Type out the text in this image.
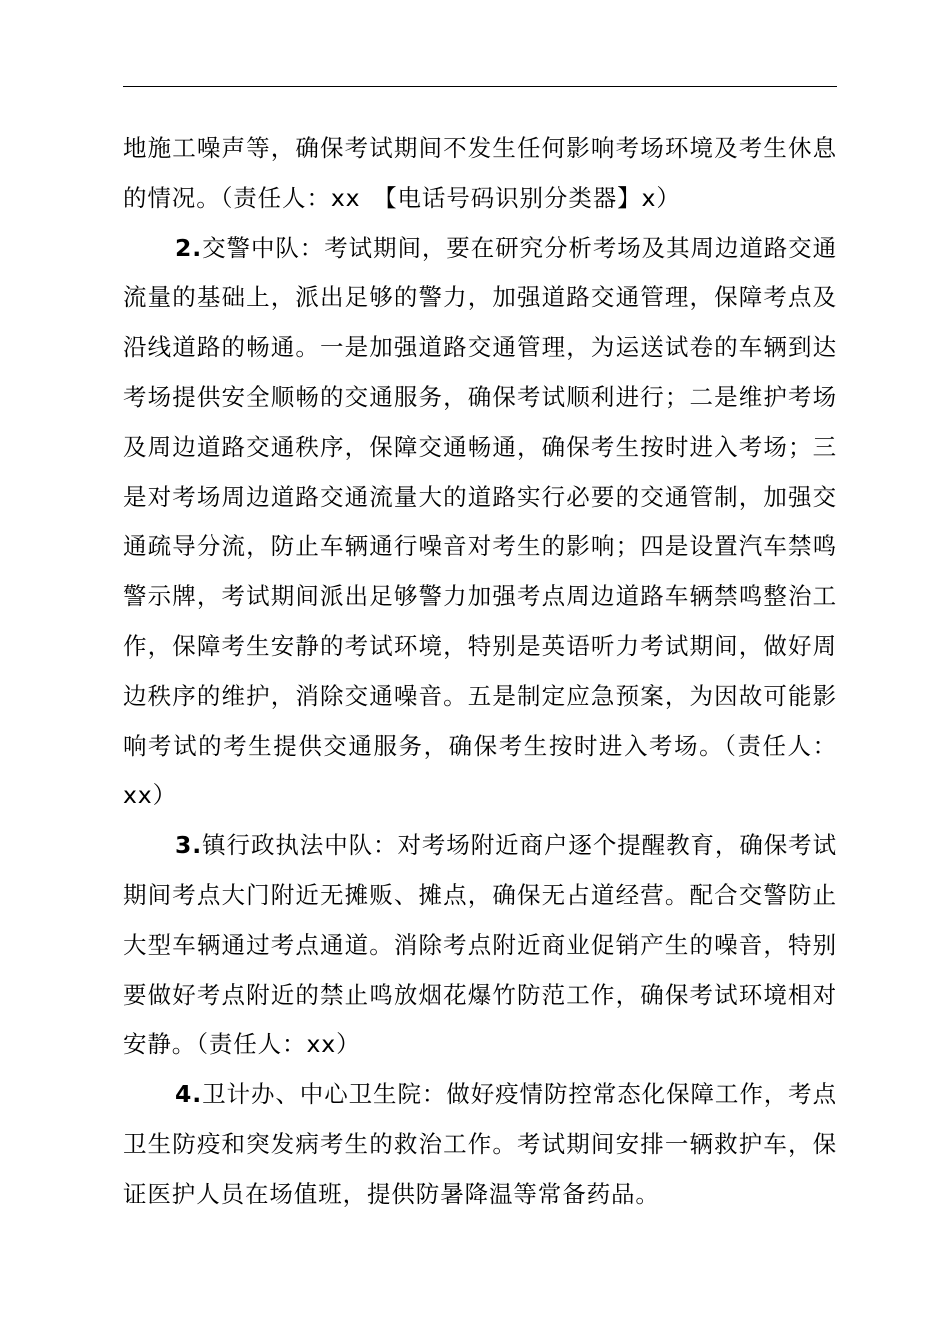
地施工噪声等，确保考试期间不发生任何影响考场环境及考生休息的情况。（责任人：xx　【电话号码识别分类器】x）

2.交警中队：考试期间，要在研究分析考场及其周边道路交通流量的基础上，派出足够的警力，加强道路交通管理，保障考点及沿线道路的畅通。一是加强道路交通管理，为运送试卷的车辆到达考场提供安全顺畅的交通服务，确保考试顺利进行；二是维护考场及周边道路交通秩序，保障交通畅通，确保考生按时进入考场；三是对考场周边道路交通流量大的道路实行必要的交通管制，加强交通疏导分流，防止车辆通行噪音对考生的影响；四是设置汽车禁鸣警示牌，考试期间派出足够警力加强考点周边道路车辆禁鸣整治工作，保障考生安静的考试环境，特别是英语听力考试期间，做好周边秩序的维护，消除交通噪音。五是制定应急预案，为因故可能影响考试的考生提供交通服务，确保考生按时进入考场。（责任人：xx）

3.镇行政执法中队：对考场附近商户逐个提醒教育，确保考试期间考点大门附近无摊贩、摊点，确保无占道经营。配合交警防止大型车辆通过考点通道。消除考点附近商业促销产生的噪音，特别要做好考点附近的禁止鸣放烟花爆竹防范工作，确保考试环境相对安静。（责任人：xx）

4.卫计办、中心卫生院：做好疫情防控常态化保障工作，考点卫生防疫和突发病考生的救治工作。考试期间安排一辆救护车，保证医护人员在场值班，提供防暑降温等常备药品。
